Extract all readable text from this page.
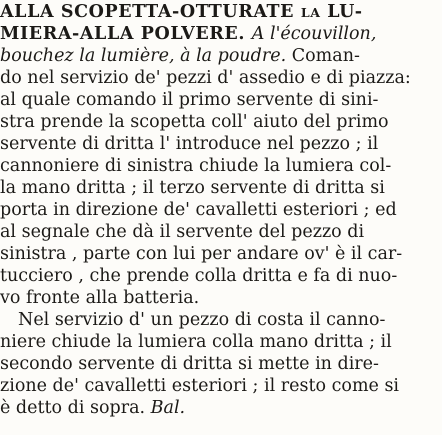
ALLA SCOPETTA-OTTURATE LA LU-
MIERA-ALLA POLVERE. A l'écouvillon,
bouchez la lumière, à la poudre. Coman-
do nel servizio de' pezzi d' assedio e di piazza:
al quale comando il primo servente di sini-
stra prende la scopetta coll' aiuto del primo
servente di dritta l' introduce nel pezzo ; il
cannoniere di sinistra chiude la lumiera col-
la mano dritta ; il terzo servente di dritta si
porta in direzione de' cavalletti esteriori ; ed
al segnale che dà il servente del pezzo di
sinistra , parte con lui per andare ov' è il car-
tucciero , che prende colla dritta e fa di nuo-
vo fronte alla batteria.
Nel servizio d' un pezzo di costa il canno-
niere chiude la lumiera colla mano dritta ; il
secondo servente di dritta si mette in dire-
zione de' cavalletti esteriori ; il resto come si
è detto di sopra. Bal.
